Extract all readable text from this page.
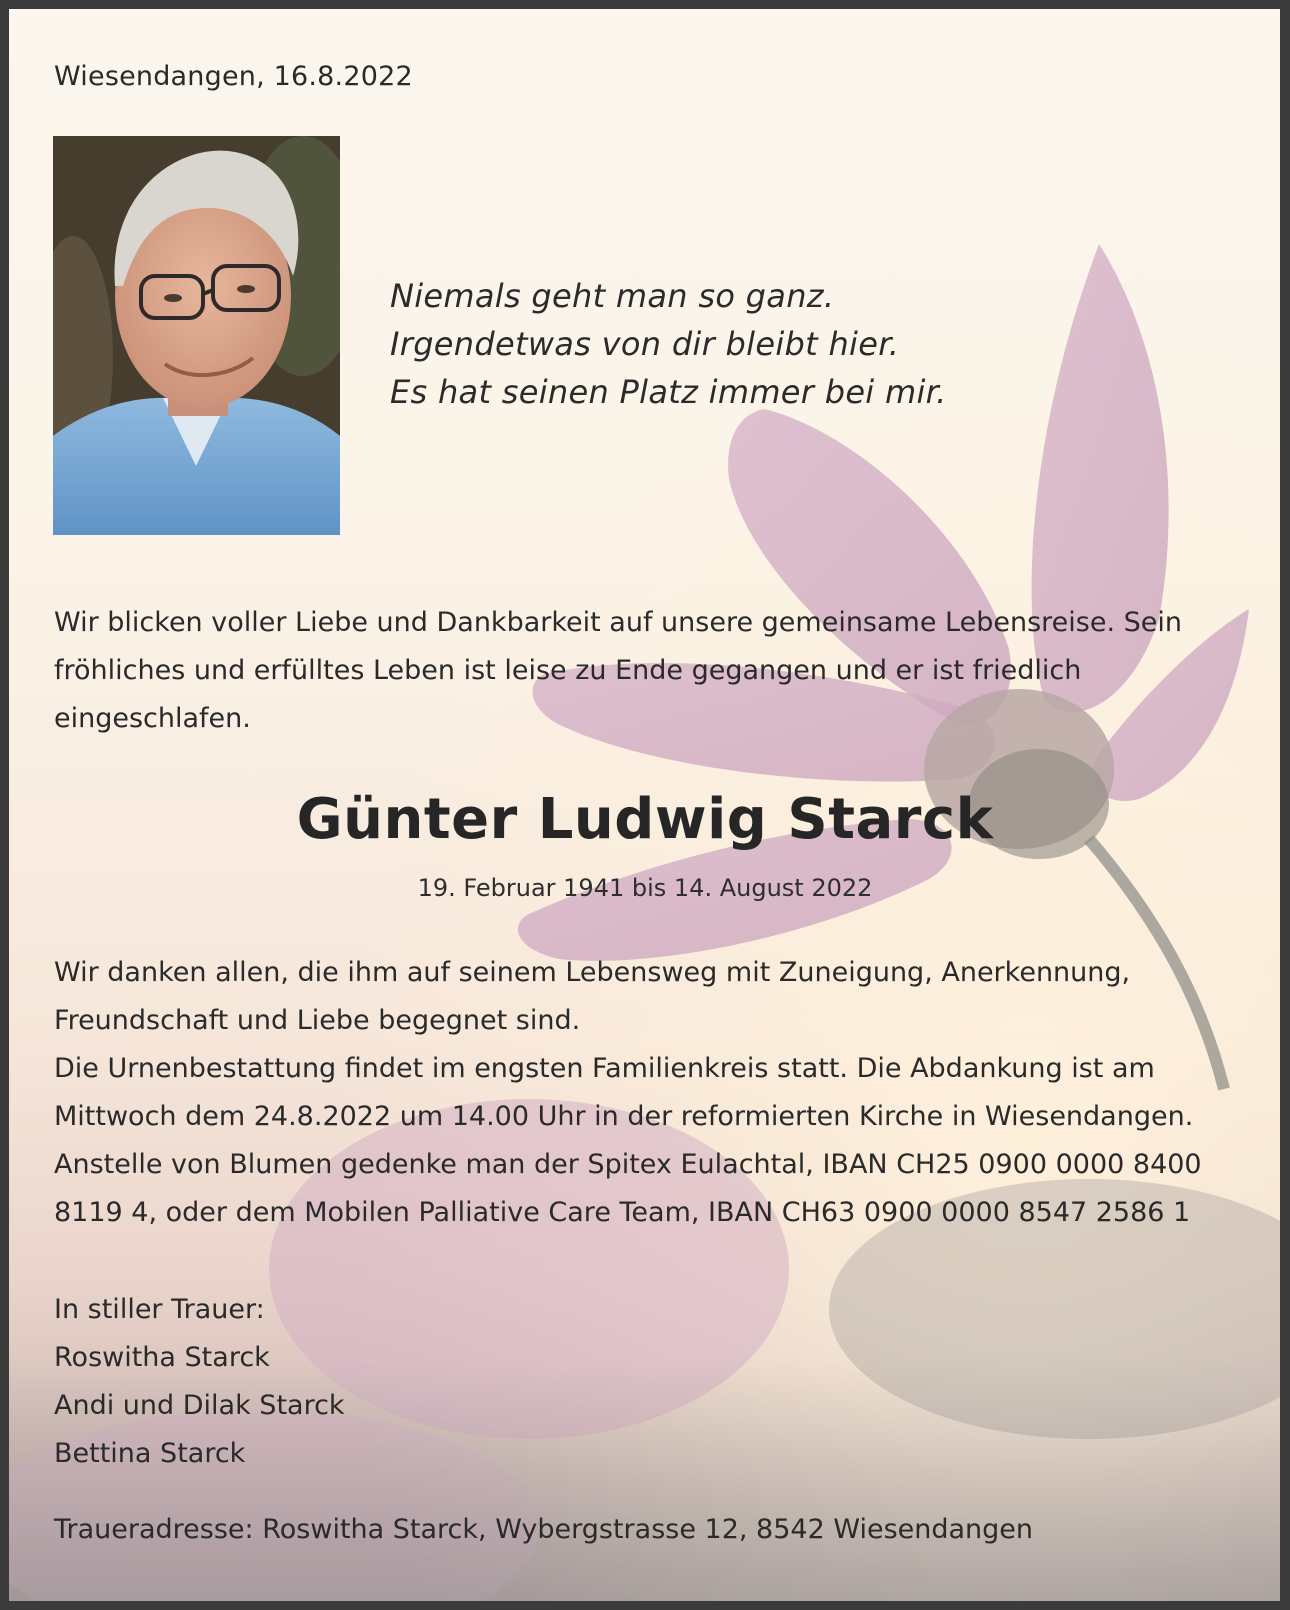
Wiesendangen, 16.8.2022
Niemals geht man so ganz.
Irgendetwas von dir bleibt hier.
Es hat seinen Platz immer bei mir.
Wir blicken voller Liebe und Dankbarkeit auf unsere gemeinsame Lebensreise. Sein
fröhliches und erfülltes Leben ist leise zu Ende gegangen und er ist friedlich
eingeschlafen.
Günter Ludwig Starck
19. Februar 1941 bis 14. August 2022
Wir danken allen, die ihm auf seinem Lebensweg mit Zuneigung, Anerkennung,
Freundschaft und Liebe begegnet sind.
Die Urnenbestattung findet im engsten Familienkreis statt. Die Abdankung ist am
Mittwoch dem 24.8.2022 um 14.00 Uhr in der reformierten Kirche in Wiesendangen.
Anstelle von Blumen gedenke man der Spitex Eulachtal, IBAN CH25 0900 0000 8400
8119 4, oder dem Mobilen Palliative Care Team, IBAN CH63 0900 0000 8547 2586 1
In stiller Trauer:
Roswitha Starck
Andi und Dilak Starck
Bettina Starck
Traueradresse: Roswitha Starck, Wybergstrasse 12, 8542 Wiesendangen
